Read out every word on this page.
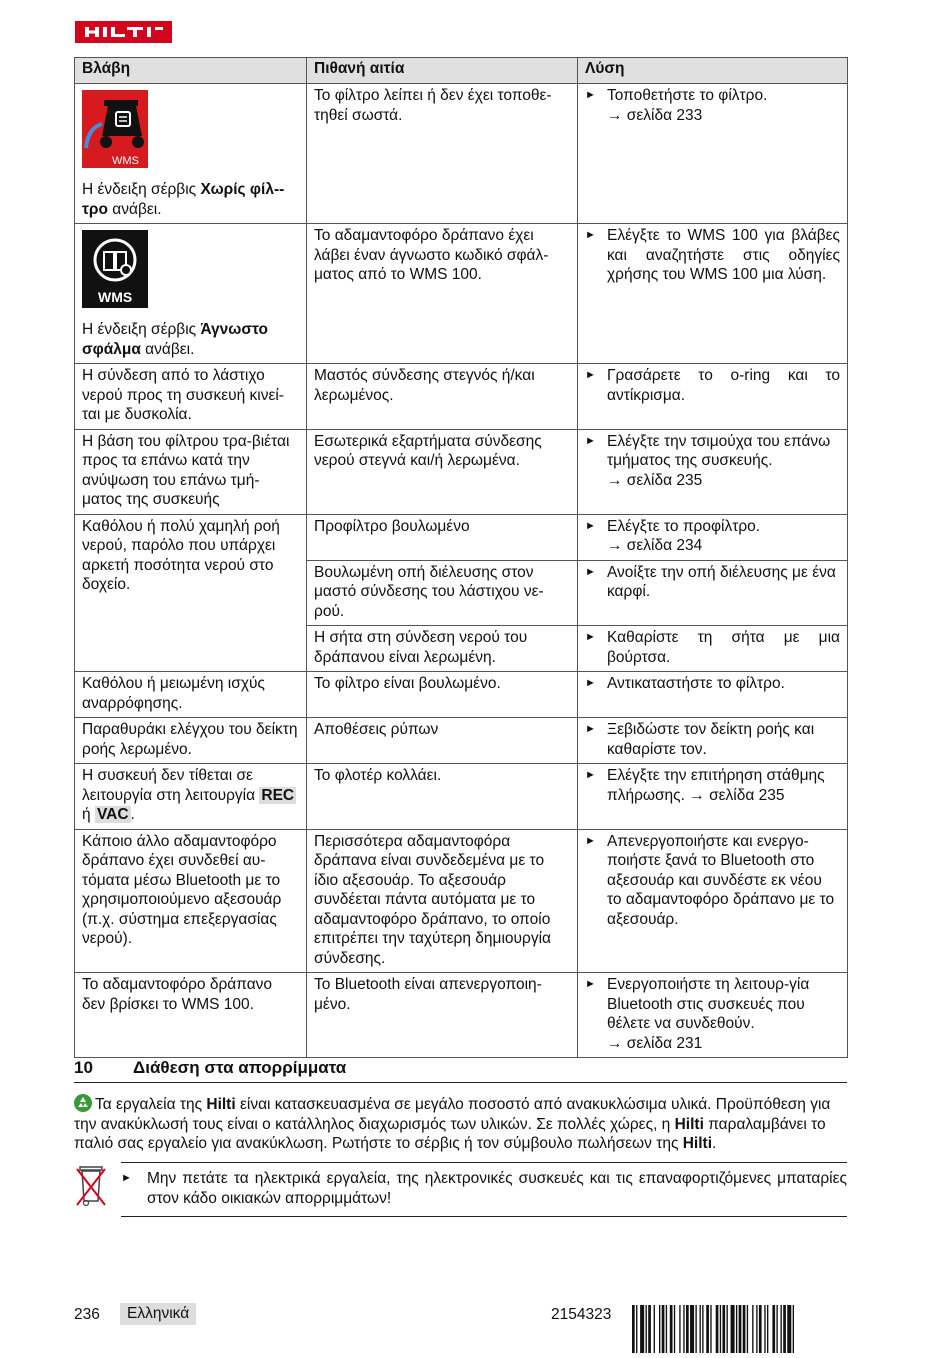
Βλάβη	Πιθανή αιτία	Λύση

WMS
Η ένδειξη σέρβις Χωρίς φίλ-τρο ανάβει.	Το φίλτρο λείπει ή δεν έχει τοποθε-τηθεί σωστά.	► Τοποθετήστε το φίλτρο.
→ σελίδα 233

WMS
Η ένδειξη σέρβις Άγνωστο σφάλμα ανάβει.	Το αδαμαντοφόρο δράπανο έχει λάβει έναν άγνωστο κωδικό σφάλ-ματος από το WMS 100.	► Ελέγξτε το WMS 100 για βλάβες και αναζητήστε στις οδηγίες χρήσης του WMS 100 μια λύση.

Η σύνδεση από το λάστιχο νερού προς τη συσκευή κινεί-ται με δυσκολία.	Μαστός σύνδεσης στεγνός ή/και λερωμένος.	► Γρασάρετε το o-ring και το αντίκρισμα.

Η βάση του φίλτρου τρα-βιέται προς τα επάνω κατά την ανύψωση του επάνω τμή-ματος της συσκευής	Εσωτερικά εξαρτήματα σύνδεσης νερού στεγνά και/ή λερωμένα.	► Ελέγξτε την τσιμούχα του επάνω τμήματος της συσκευής.
→ σελίδα 235

Καθόλου ή πολύ χαμηλή ροή νερού, παρόλο που υπάρχει αρκετή ποσότητα νερού στο δοχείο.	Προφίλτρο βουλωμένο	► Ελέγξτε το προφίλτρο.
→ σελίδα 234

	Βουλωμένη οπή διέλευσης στον μαστό σύνδεσης του λάστιχου νε-ρού.	► Ανοίξτε την οπή διέλευσης με ένα καρφί.

	Η σήτα στη σύνδεση νερού του δράπανου είναι λερωμένη.	► Καθαρίστε τη σήτα με μια βούρτσα.

Καθόλου ή μειωμένη ισχύς αναρρόφησης.	Το φίλτρο είναι βουλωμένο.	► Αντικαταστήστε το φίλτρο.

Παραθυράκι ελέγχου του δείκτη ροής λερωμένο.	Αποθέσεις ρύπων	► Ξεβιδώστε τον δείκτη ροής και καθαρίστε τον.

Η συσκευή δεν τίθεται σε λειτουργία στη λειτουργία REC ή VAC .	Το φλοτέρ κολλάει.	► Ελέγξτε την επιτήρηση στάθμης πλήρωσης. → σελίδα 235

Κάποιο άλλο αδαμαντοφόρο δράπανο έχει συνδεθεί αυ-τόματα μέσω Bluetooth με το χρησιμοποιούμενο αξεσουάρ (π.χ. σύστημα επεξεργασίας νερού).	Περισσότερα αδαμαντοφόρα δράπανα είναι συνδεδεμένα με το ίδιο αξεσουάρ. Το αξεσουάρ συνδέεται πάντα αυτόματα με το αδαμαντοφόρο δράπανο, το οποίο επιτρέπει την ταχύτερη δημιουργία σύνδεσης.	► Απενεργοποιήστε και ενεργο-ποιήστε ξανά το Bluetooth στο αξεσουάρ και συνδέστε εκ νέου το αδαμαντοφόρο δράπανο με το αξεσουάρ.

Το αδαμαντοφόρο δράπανο δεν βρίσκει το WMS 100.	Το Bluetooth είναι απενεργοποιη-μένο.	► Ενεργοποιήστε τη λειτουρ-γία Bluetooth στις συσκευές που θέλετε να συνδεθούν.
→ σελίδα 231
10 Διάθεση στα απορρίμματα
Τα εργαλεία της Hilti είναι κατασκευασμένα σε μεγάλο ποσοστό από ανακυκλώσιμα υλικά. Προϋπόθεση για την ανακύκλωσή τους είναι ο κατάλληλος διαχωρισμός των υλικών. Σε πολλές χώρες, η Hilti παραλαμβάνει το παλιό σας εργαλείο για ανακύκλωση. Ρωτήστε το σέρβις ή τον σύμβουλο πωλήσεων της Hilti.
► Μην πετάτε τα ηλεκτρικά εργαλεία, της ηλεκτρονικές συσκευές και τις επαναφορτιζόμενες μπαταρίες στον κάδο οικιακών απορριμμάτων!
236	Ελληνικά	2154323
